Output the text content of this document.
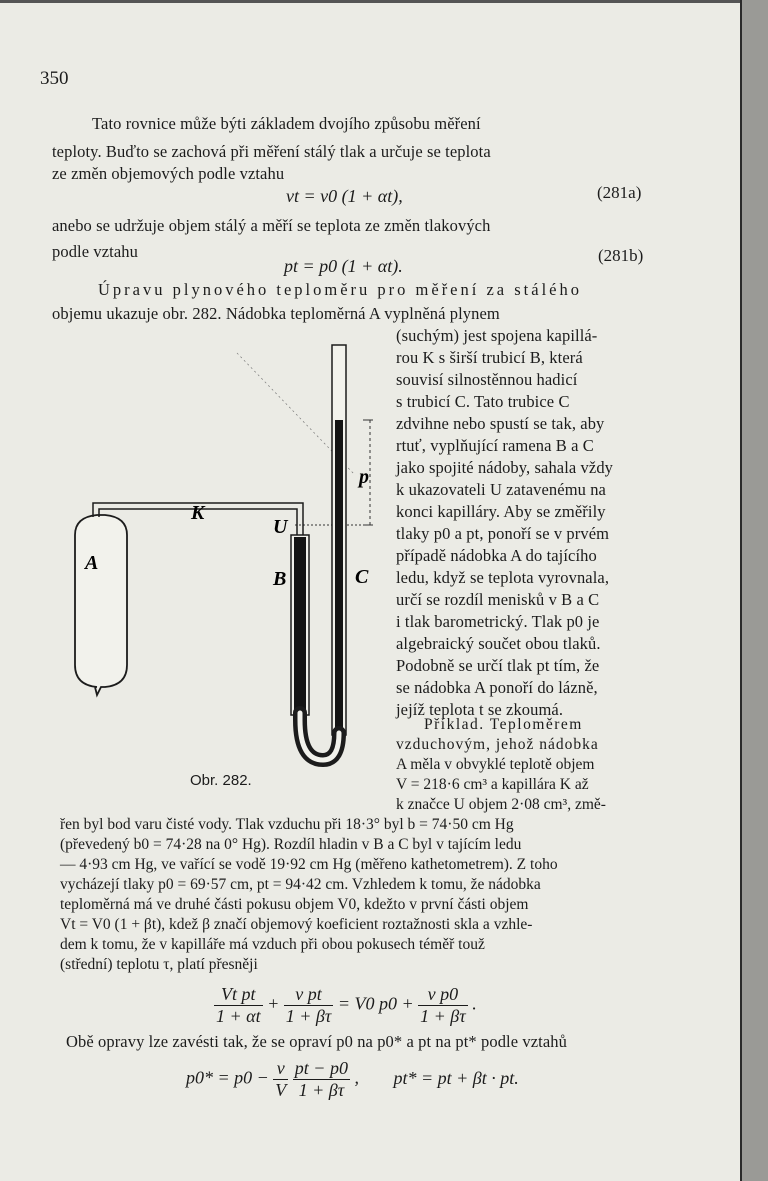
350
Tato rovnice může býti základem dvojího způsobu měření
teploty. Buďto se zachová při měření stálý tlak a určuje se teplota
ze změn objemových podle vztahu
vt = v0 (1 + αt),	(281a)
anebo se udržuje objem stálý a měří se teplota ze změn tlakových
podle vztahu
pt = p0 (1 + αt).
(281b)
Úpravu plynového teploměru pro měření za stálého
objemu ukazuje obr. 282. Nádobka teploměrná A vyplněná plynem
(suchým) jest spojena kapillá-
rou K s širší trubicí B, která
souvisí silnostěnnou hadicí
s trubicí C. Tato trubice C
zdvihne nebo spustí se tak, aby
rtuť, vyplňující ramena B a C
jako spojité nádoby, sahala vždy
k ukazovateli U zatavenému na
konci kapilláry. Aby se změřily
tlaky p0 a pt, ponoří se v prvém
případě nádobka A do tajícího
ledu, když se teplota vyrovnala,
určí se rozdíl menisků v B a C
i tlak barometrický. Tlak p0 je
algebraický součet obou tlaků.
Podobně se určí tlak pt tím, že
se nádobka A ponoří do lázně,
jejíž teplota t se zkoumá.
Příklad. Teploměrem
vzduchovým, jehož nádobka
A měla v obvyklé teplotě objem
V = 218·6 cm³ a kapillára K až
k značce U objem 2·08 cm³, změ-
A
K
U
B	C
p
Obr. 282.
řen byl bod varu čisté vody. Tlak vzduchu při 18·3° byl b = 74·50 cm Hg
(převedený b0 = 74·28 na 0° Hg). Rozdíl hladin v B a C byl v tajícím ledu
— 4·93 cm Hg, ve vařící se vodě 19·92 cm Hg (měřeno kathetometrem). Z toho
vycházejí tlaky p0 = 69·57 cm, pt = 94·42 cm. Vzhledem k tomu, že nádobka
teploměrná má ve druhé části pokusu objem V0, kdežto v první části objem
Vt = V0 (1 + βt), kdež β značí objemový koeficient roztažnosti skla a vzhle-
dem k tomu, že v kapilláře má vzduch při obou pokusech téměř touž
(střední) teplotu τ, platí přesněji
$\frac{\text{Vt pt}}{1 + \alpha t} + \frac{\text{v pt}}{1 + \beta\tau} = V0$ $p0 + \frac{\text{v p0}}{1 + \beta\tau}$ .
Obě opravy lze zavésti tak, že se opraví p0 na p0* a pt na pt* podle vztahů
$p0* = p0 - \frac{v}{V}$
$\frac{pt - p0}{1 + \beta\tau}$ , pt* = pt + βt · pt.
